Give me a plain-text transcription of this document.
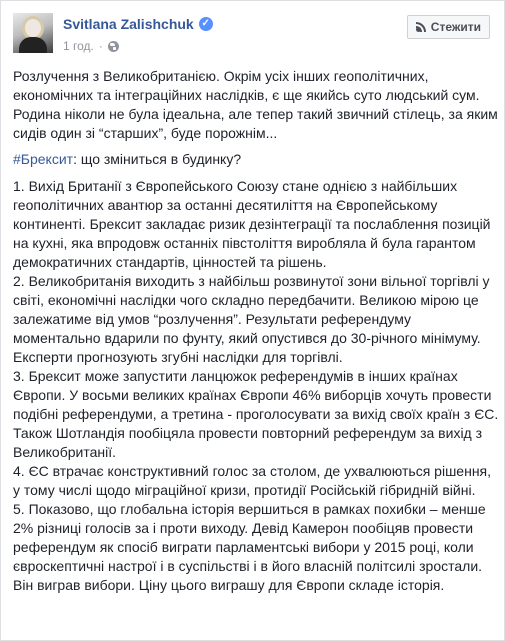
Svitlana Zalishchuk ✓
1 год. ·
Стежити

Розлучення з Великобританією. Окрім усіх інших геополітичних, економічних та інтеграційних наслідків, є ще якийсь суто людський сум. Родина ніколи не була ідеальна, але тепер такий звичний стілець, за яким сидів один зі “старших”, буде порожнім...

#Брексит: що зміниться в будинку?

1. Вихід Британії з Європейського Союзу стане однією з найбільших геополітичних авантюр за останні десятиліття на Європейському континенті. Брексит закладає ризик дезінтеграції та послаблення позицій на кухні, яка впродовж останніх півстоліття виробляла й була гарантом демократичних стандартів, цінностей та рішень.

2. Великобританія виходить з найбільш розвинутої зони вільної торгівлі у світі, економічні наслідки чого складно передбачити. Великою мірою це залежатиме від умов “розлучення”. Результати референдуму моментально вдарили по фунту, який опустився до 30-річного мінімуму. Експерти прогнозують згубні наслідки для торгівлі.

3. Брексит може запустити ланцюжок референдумів в інших країнах Європи. У восьми великих країнах Європи 46% виборців хочуть провести подібні референдуми, а третина - проголосувати за вихід своїх країн з ЄС. Також Шотландія пообіцяла провести повторний референдум за вихід з Великобританії.

4. ЄС втрачає конструктивний голос за столом, де ухвалюються рішення, у тому числі щодо міграційної кризи, протидії Російській гібридній війні.

5. Показово, що глобальна історія вершиться в рамках похибки – менше 2% різниці голосів за і проти виходу. Девід Камерон пообіцяв провести референдум як спосіб виграти парламентські вибори у 2015 році, коли євроскептичні настрої і в суспільстві і в його власній політсилі зростали. Він виграв вибори. Ціну цього виграшу для Європи складе історія.
